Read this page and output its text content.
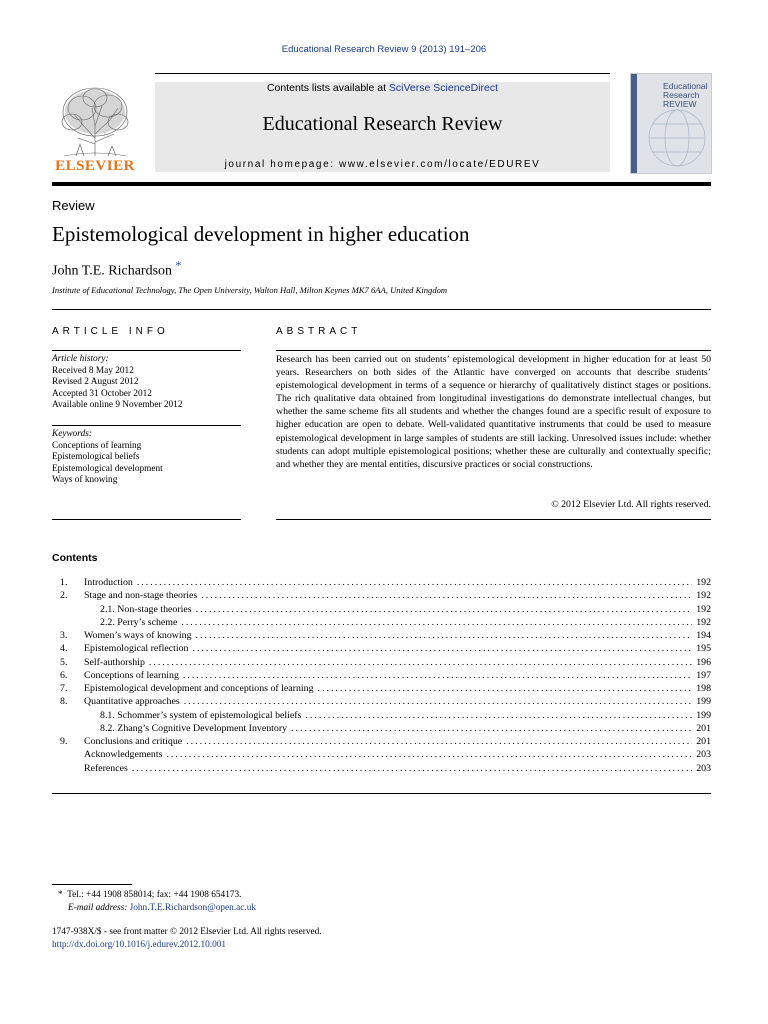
Educational Research Review 9 (2013) 191–206
ELSEVIER
Contents lists available at SciVerse ScienceDirect
Educational Research Review
journal homepage: www.elsevier.com/locate/EDUREV
Educational Research REVIEW
Review
Epistemological development in higher education
John T.E. Richardson *
Institute of Educational Technology, The Open University, Walton Hall, Milton Keynes MK7 6AA, United Kingdom
ARTICLE INFO	ABSTRACT
Article history:
Received 8 May 2012
Revised 2 August 2012
Accepted 31 October 2012
Available online 9 November 2012
Keywords:
Conceptions of learning
Epistemological beliefs
Epistemological development
Ways of knowing
Research has been carried out on students’ epistemological development in higher education for at least 50 years. Researchers on both sides of the Atlantic have converged on accounts that describe students’ epistemological development in terms of a sequence or hierarchy of qualitatively distinct stages or positions. The rich qualitative data obtained from longitudinal investigations do demonstrate intellectual changes, but whether the same scheme fits all students and whether the changes found are a specific result of exposure to higher education are open to debate. Well-validated quantitative instruments that could be used to measure epistemological development in large samples of students are still lacking. Unresolved issues include: whether students can adopt multiple epistemological positions; whether these are culturally and contextually specific; and whether they are mental entities, discursive practices or social constructions.
© 2012 Elsevier Ltd. All rights reserved.
Contents
1.	Introduction .....	192
2.	Stage and non-stage theories .....	192
2.1. Non-stage theories .....	192
2.2. Perry’s scheme .....	192
3.	Women’s ways of knowing .....	194
4.	Epistemological reflection .....	195
5.	Self-authorship .....	196
6.	Conceptions of learning .....	197
7.	Epistemological development and conceptions of learning .....	198
8.	Quantitative approaches .....	199
8.1. Schommer’s system of epistemological beliefs .....	199
8.2. Zhang’s Cognitive Development Inventory .....	201
9.	Conclusions and critique .....	201
Acknowledgements .....	203
References .....	203
* Tel.: +44 1908 858014; fax: +44 1908 654173.
E-mail address: John.T.E.Richardson@open.ac.uk
1747-938X/$ - see front matter © 2012 Elsevier Ltd. All rights reserved.
http://dx.doi.org/10.1016/j.edurev.2012.10.001
